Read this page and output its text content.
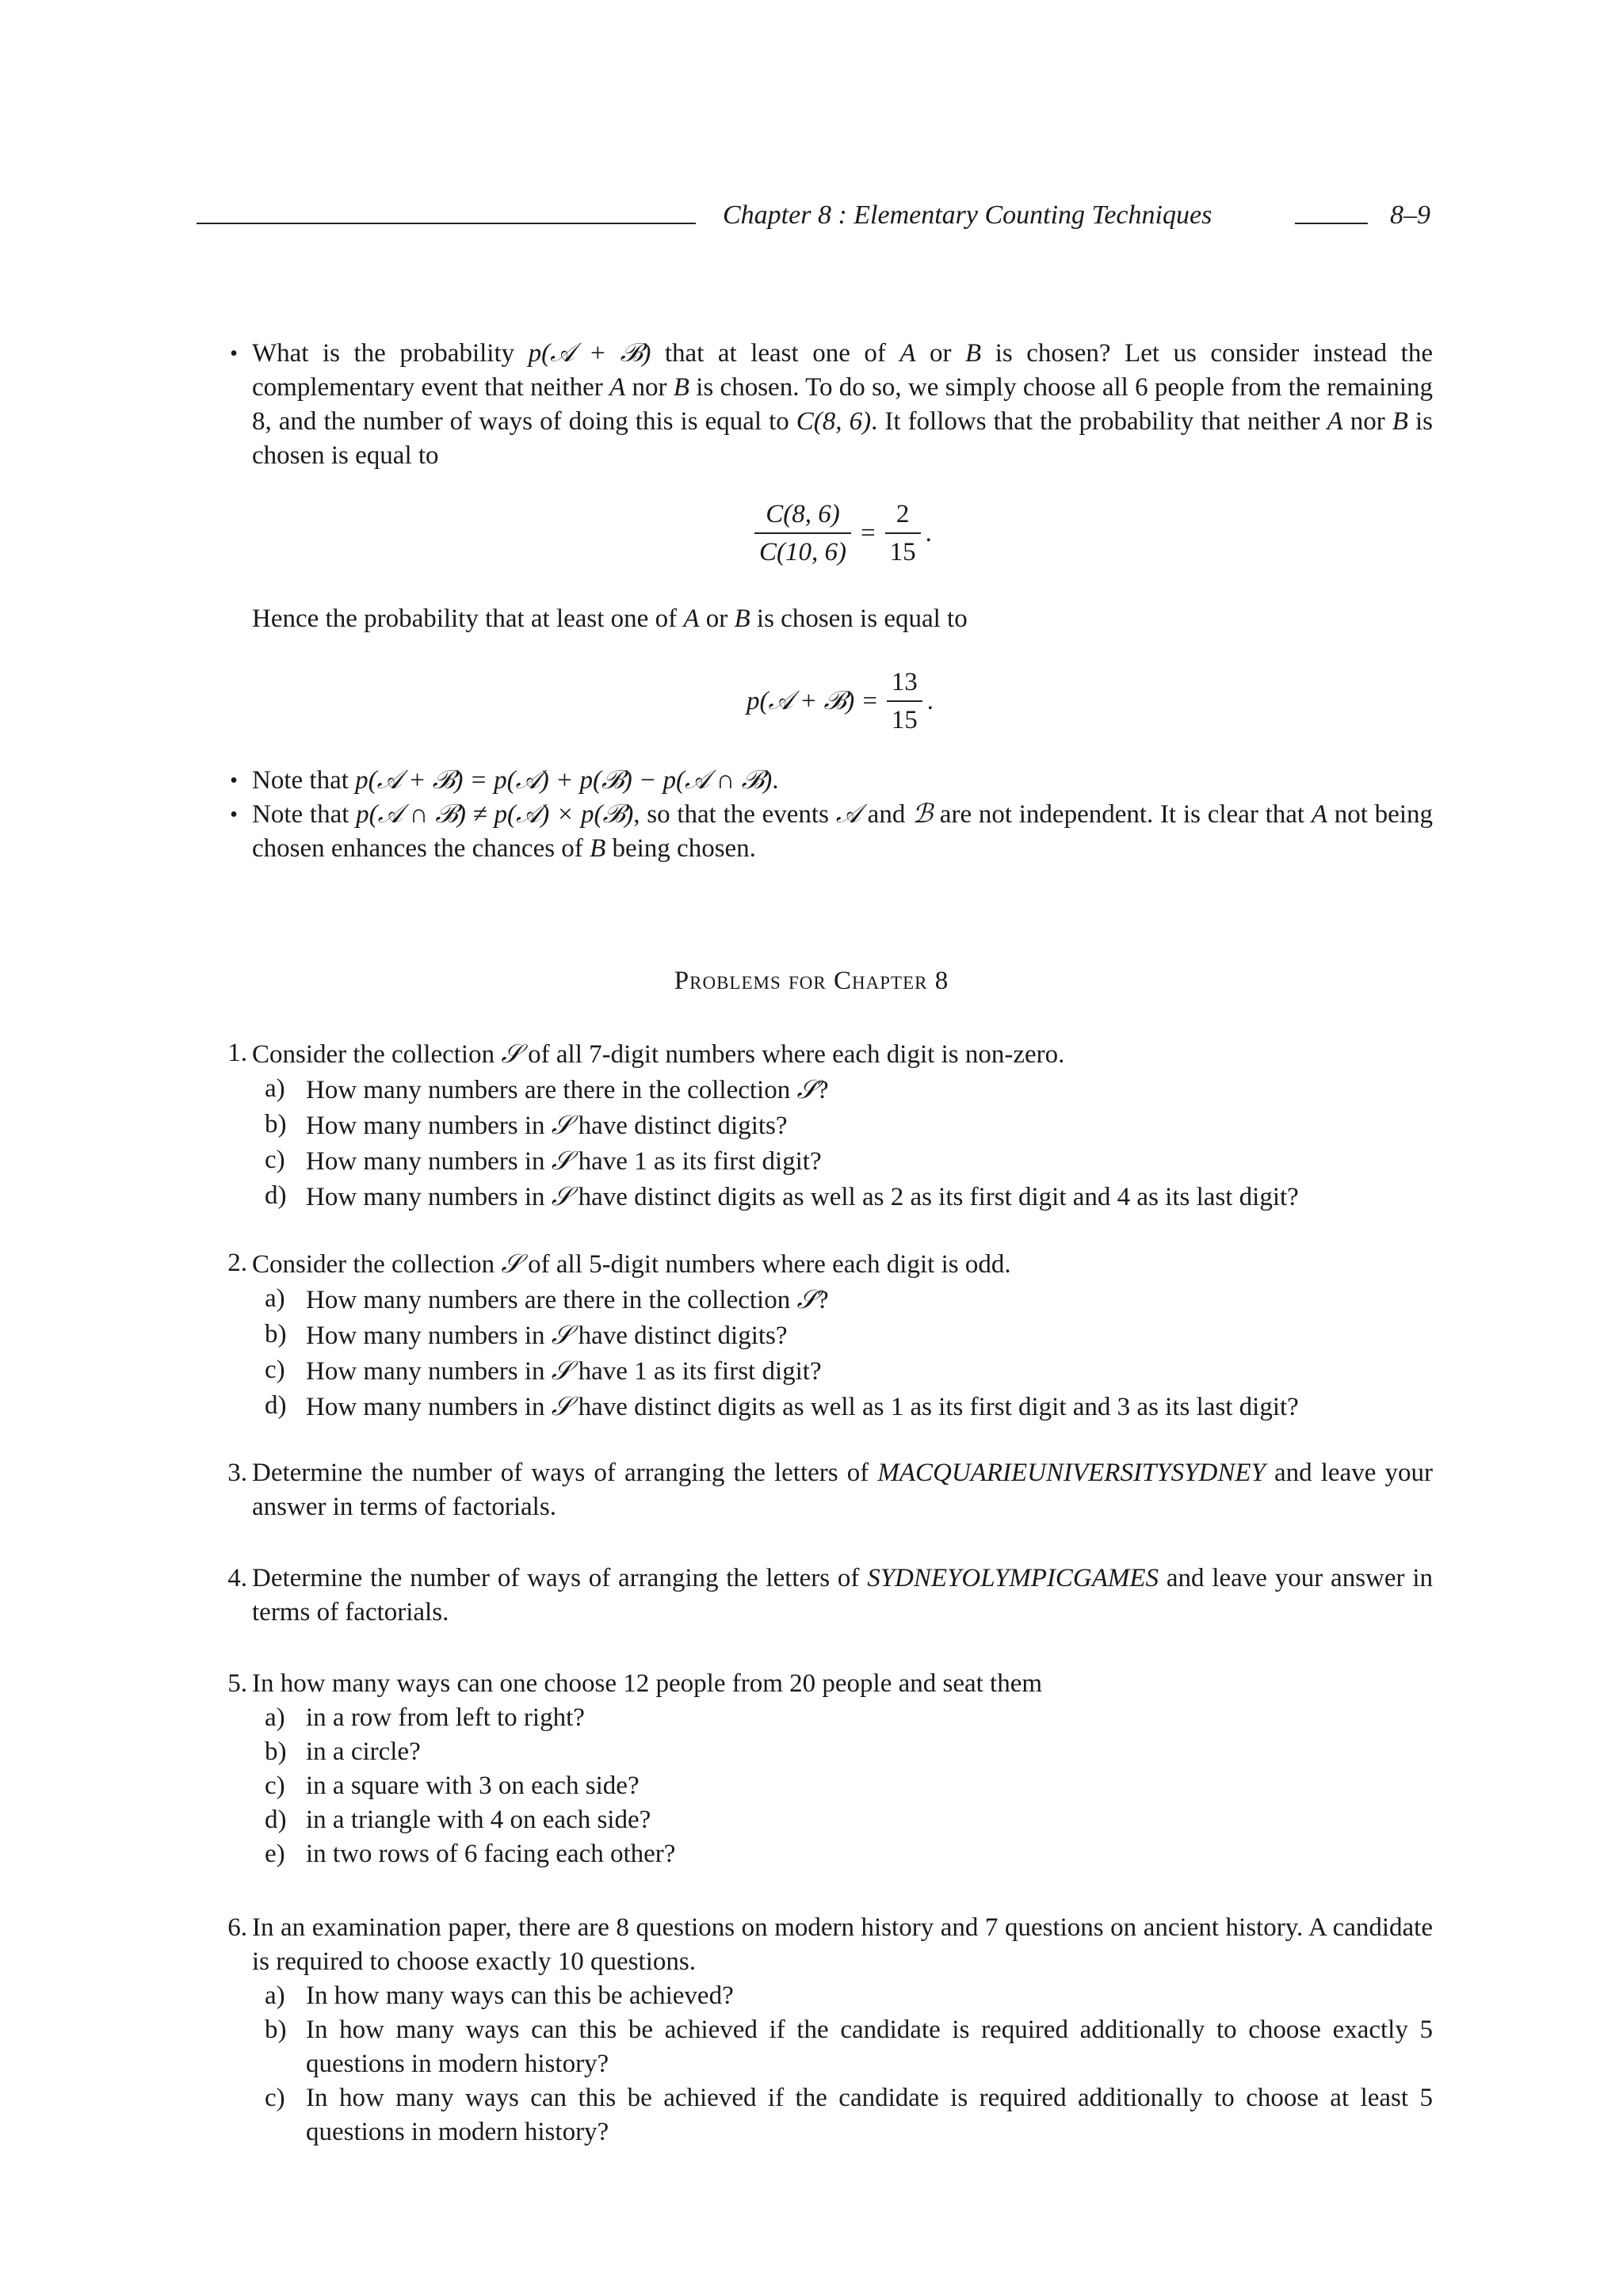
Chapter 8 : Elementary Counting Techniques	8–9
• What is the probability p(𝒜 + ℬ) that at least one of A or B is chosen? Let us consider instead the complementary event that neither A nor B is chosen. To do so, we simply choose all 6 people from the remaining 8, and the number of ways of doing this is equal to C(8, 6). It follows that the probability that neither A nor B is chosen is equal to
$\frac{C(8, 6)}{C(10, 6)} = \frac{2}{15}$ .
Hence the probability that at least one of A or B is chosen is equal to
p(𝒜 + ℬ) = $\frac{13}{15}$ .
• Note that p(𝒜 + ℬ) = p(𝒜) + p(ℬ) − p(𝒜 ∩ ℬ).
• Note that p(𝒜 ∩ ℬ) ≠ p(𝒜) × p(ℬ), so that the events 𝒜 and ℬ are not independent. It is clear that A not being chosen enhances the chances of B being chosen.
Problems for Chapter 8
1. Consider the collection 𝒮 of all 7-digit numbers where each digit is non-zero.
a) How many numbers are there in the collection 𝒮?
b) How many numbers in 𝒮 have distinct digits?
c) How many numbers in 𝒮 have 1 as its first digit?
d) How many numbers in 𝒮 have distinct digits as well as 2 as its first digit and 4 as its last digit?
2. Consider the collection 𝒮 of all 5-digit numbers where each digit is odd.
a) How many numbers are there in the collection 𝒮?
b) How many numbers in 𝒮 have distinct digits?
c) How many numbers in 𝒮 have 1 as its first digit?
d) How many numbers in 𝒮 have distinct digits as well as 1 as its first digit and 3 as its last digit?
3. Determine the number of ways of arranging the letters of MACQUARIEUNIVERSITYSYDNEY and leave your answer in terms of factorials.
4. Determine the number of ways of arranging the letters of SYDNEYOLYMPICGAMES and leave your answer in terms of factorials.
5. In how many ways can one choose 12 people from 20 people and seat them
a) in a row from left to right?
b) in a circle?
c) in a square with 3 on each side?
d) in a triangle with 4 on each side?
e) in two rows of 6 facing each other?
6. In an examination paper, there are 8 questions on modern history and 7 questions on ancient history. A candidate is required to choose exactly 10 questions.
a) In how many ways can this be achieved?
b) In how many ways can this be achieved if the candidate is required additionally to choose exactly 5 questions in modern history?
c) In how many ways can this be achieved if the candidate is required additionally to choose at least 5 questions in modern history?
